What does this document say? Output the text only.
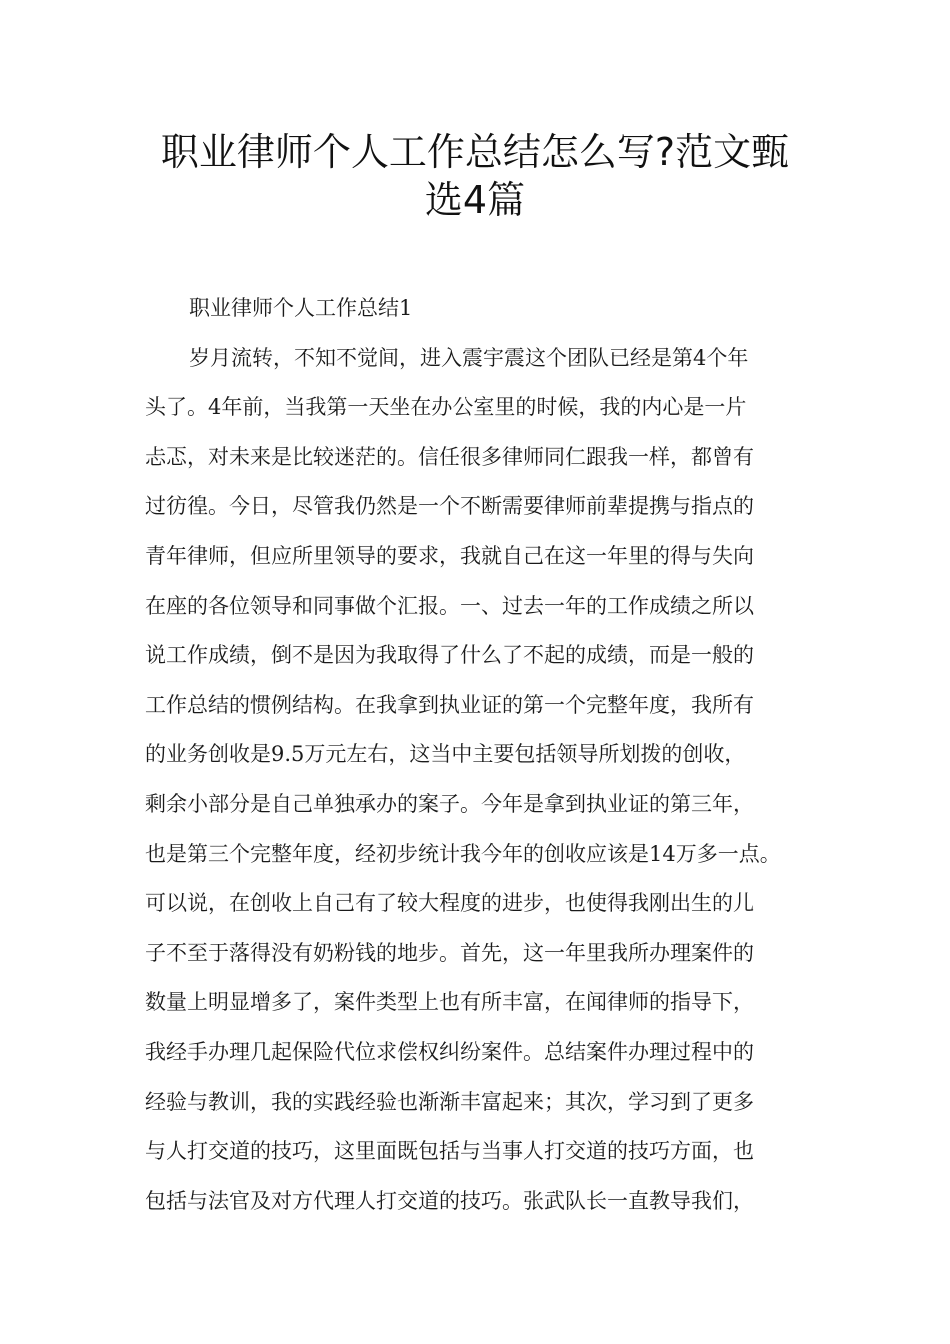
职业律师个人工作总结怎么写?范文甄
选4篇
职业律师个人工作总结1
岁月流转，不知不觉间，进入震宇震这个团队已经是第4个年
头了。4年前，当我第一天坐在办公室里的时候，我的内心是一片
忐忑，对未来是比较迷茫的。信任很多律师同仁跟我一样，都曾有
过彷徨。今日，尽管我仍然是一个不断需要律师前辈提携与指点的
青年律师，但应所里领导的要求，我就自己在这一年里的得与失向
在座的各位领导和同事做个汇报。一、过去一年的工作成绩之所以
说工作成绩，倒不是因为我取得了什么了不起的成绩，而是一般的
工作总结的惯例结构。在我拿到执业证的第一个完整年度，我所有
的业务创收是9.5万元左右，这当中主要包括领导所划拨的创收，
剩余小部分是自己单独承办的案子。今年是拿到执业证的第三年，
也是第三个完整年度，经初步统计我今年的创收应该是14万多一点。
可以说，在创收上自己有了较大程度的进步，也使得我刚出生的儿
子不至于落得没有奶粉钱的地步。首先，这一年里我所办理案件的
数量上明显增多了，案件类型上也有所丰富，在闻律师的指导下，
我经手办理几起保险代位求偿权纠纷案件。总结案件办理过程中的
经验与教训，我的实践经验也渐渐丰富起来；其次，学习到了更多
与人打交道的技巧，这里面既包括与当事人打交道的技巧方面，也
包括与法官及对方代理人打交道的技巧。张武队长一直教导我们，
